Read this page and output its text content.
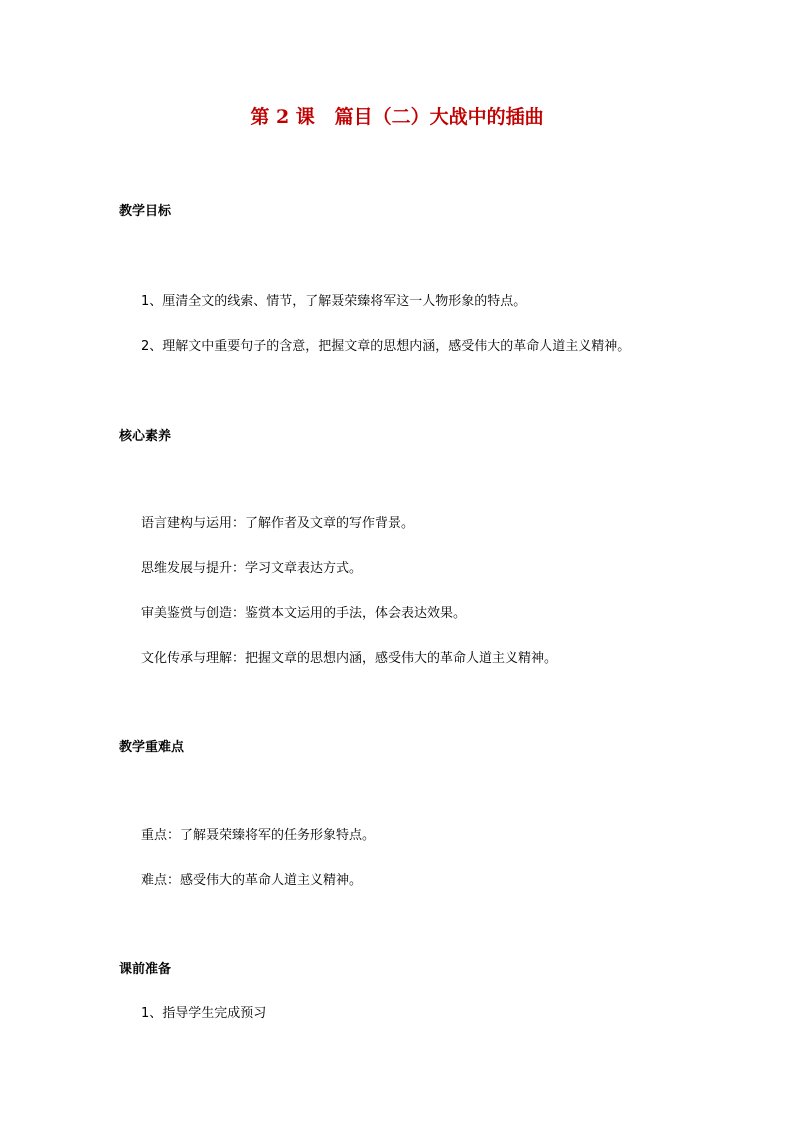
第 2 课   篇目（二）大战中的插曲
教学目标
1、厘清全文的线索、情节，了解聂荣臻将军这一人物形象的特点。
2、理解文中重要句子的含意，把握文章的思想内涵，感受伟大的革命人道主义精神。
核心素养
语言建构与运用：了解作者及文章的写作背景。
思维发展与提升：学习文章表达方式。
审美鉴赏与创造：鉴赏本文运用的手法，体会表达效果。
文化传承与理解：把握文章的思想内涵，感受伟大的革命人道主义精神。
教学重难点
重点：了解聂荣臻将军的任务形象特点。
难点：感受伟大的革命人道主义精神。
课前准备
1、指导学生完成预习
